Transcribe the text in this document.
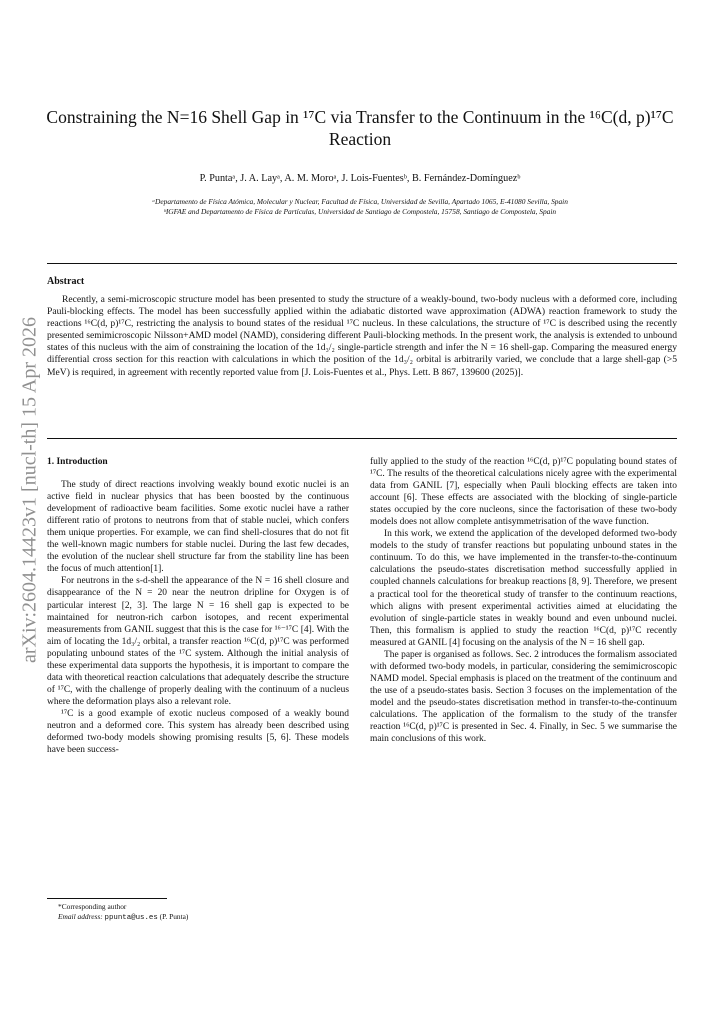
arXiv:2604.14423v1 [nucl-th] 15 Apr 2026
Constraining the N=16 Shell Gap in ¹⁷C via Transfer to the Continuum in the ¹⁶C(d, p)¹⁷C Reaction
P. Puntaᵃ, J. A. Layᵃ, A. M. Moroᵃ, J. Lois-Fuentesᵇ, B. Fernández-Domínguezᵇ
ᵃDepartamento de Física Atómica, Molecular y Nuclear, Facultad de Física, Universidad de Sevilla, Apartado 1065, E-41080 Sevilla, Spain
ᵇIGFAE and Departamento de Física de Partículas, Universidad de Santiago de Compostela, 15758, Santiago de Compostela, Spain
Abstract
Recently, a semi-microscopic structure model has been presented to study the structure of a weakly-bound, two-body nucleus with a deformed core, including Pauli-blocking effects. The model has been successfully applied within the adiabatic distorted wave approximation (ADWA) reaction framework to study the reactions ¹⁶C(d, p)¹⁷C, restricting the analysis to bound states of the residual ¹⁷C nucleus. In these calculations, the structure of ¹⁷C is described using the recently presented semimicroscopic Nilsson+AMD model (NAMD), considering different Pauli-blocking methods. In the present work, the analysis is extended to unbound states of this nucleus with the aim of constraining the location of the 1d₃/₂ single-particle strength and infer the N = 16 shell-gap. Comparing the measured energy differential cross section for this reaction with calculations in which the position of the 1d₃/₂ orbital is arbitrarily varied, we conclude that a large shell-gap (>5 MeV) is required, in agreement with recently reported value from [J. Lois-Fuentes et al., Phys. Lett. B 867, 139600 (2025)].
1. Introduction

The study of direct reactions involving weakly bound exotic nuclei is an active field in nuclear physics that has been boosted by the continuous development of radioactive beam facilities. Some exotic nuclei have a rather different ratio of protons to neutrons from that of stable nuclei, which confers them unique properties. For example, we can find shell-closures that do not fit the well-known magic numbers for stable nuclei. During the last few decades, the evolution of the nuclear shell structure far from the stability line has been the focus of much attention[1].

For neutrons in the s-d-shell the appearance of the N = 16 shell closure and disappearance of the N = 20 near the neutron dripline for Oxygen is of particular interest [2, 3]. The large N = 16 shell gap is expected to be maintained for neutron-rich carbon isotopes, and recent experimental measurements from GANIL suggest that this is the case for ¹⁶⁻¹⁷C [4]. With the aim of locating the 1d₃/₂ orbital, a transfer reaction ¹⁶C(d, p)¹⁷C was performed populating unbound states of the ¹⁷C system. Although the initial analysis of these experimental data supports the hypothesis, it is important to compare the data with theoretical reaction calculations that adequately describe the structure of ¹⁷C, with the challenge of properly dealing with the continuum of a nucleus where the deformation plays also a relevant role.

¹⁷C is a good example of exotic nucleus composed of a weakly bound neutron and a deformed core. This system has already been described using deformed two-body models showing promising results [5, 6]. These models have been success-

fully applied to the study of the reaction ¹⁶C(d, p)¹⁷C populating bound states of ¹⁷C. The results of the theoretical calculations nicely agree with the experimental data from GANIL [7], especially when Pauli blocking effects are taken into account [6]. These effects are associated with the blocking of single-particle states occupied by the core nucleons, since the factorisation of these two-body models does not allow complete antisymmetrisation of the wave function.

In this work, we extend the application of the developed deformed two-body models to the study of transfer reactions but populating unbound states in the continuum. To do this, we have implemented in the transfer-to-the-continuum calculations the pseudo-states discretisation method successfully applied in coupled channels calculations for breakup reactions [8, 9]. Therefore, we present a practical tool for the theoretical study of transfer to the continuum reactions, which aligns with present experimental activities aimed at elucidating the evolution of single-particle states in weakly bound and even unbound nuclei. Then, this formalism is applied to study the reaction ¹⁶C(d, p)¹⁷C recently measured at GANIL [4] focusing on the analysis of the N = 16 shell gap.

The paper is organised as follows. Sec. 2 introduces the formalism associated with deformed two-body models, in particular, considering the semimicroscopic NAMD model. Special emphasis is placed on the treatment of the continuum and the use of a pseudo-states basis. Section 3 focuses on the implementation of the model and the pseudo-states discretisation method in transfer-to-the-continuum calculations. The application of the formalism to the study of the transfer reaction ¹⁶C(d, p)¹⁷C is presented in Sec. 4. Finally, in Sec. 5 we summarise the main conclusions of this work.

*Corresponding author
Email address: ppunta@us.es (P. Punta)
